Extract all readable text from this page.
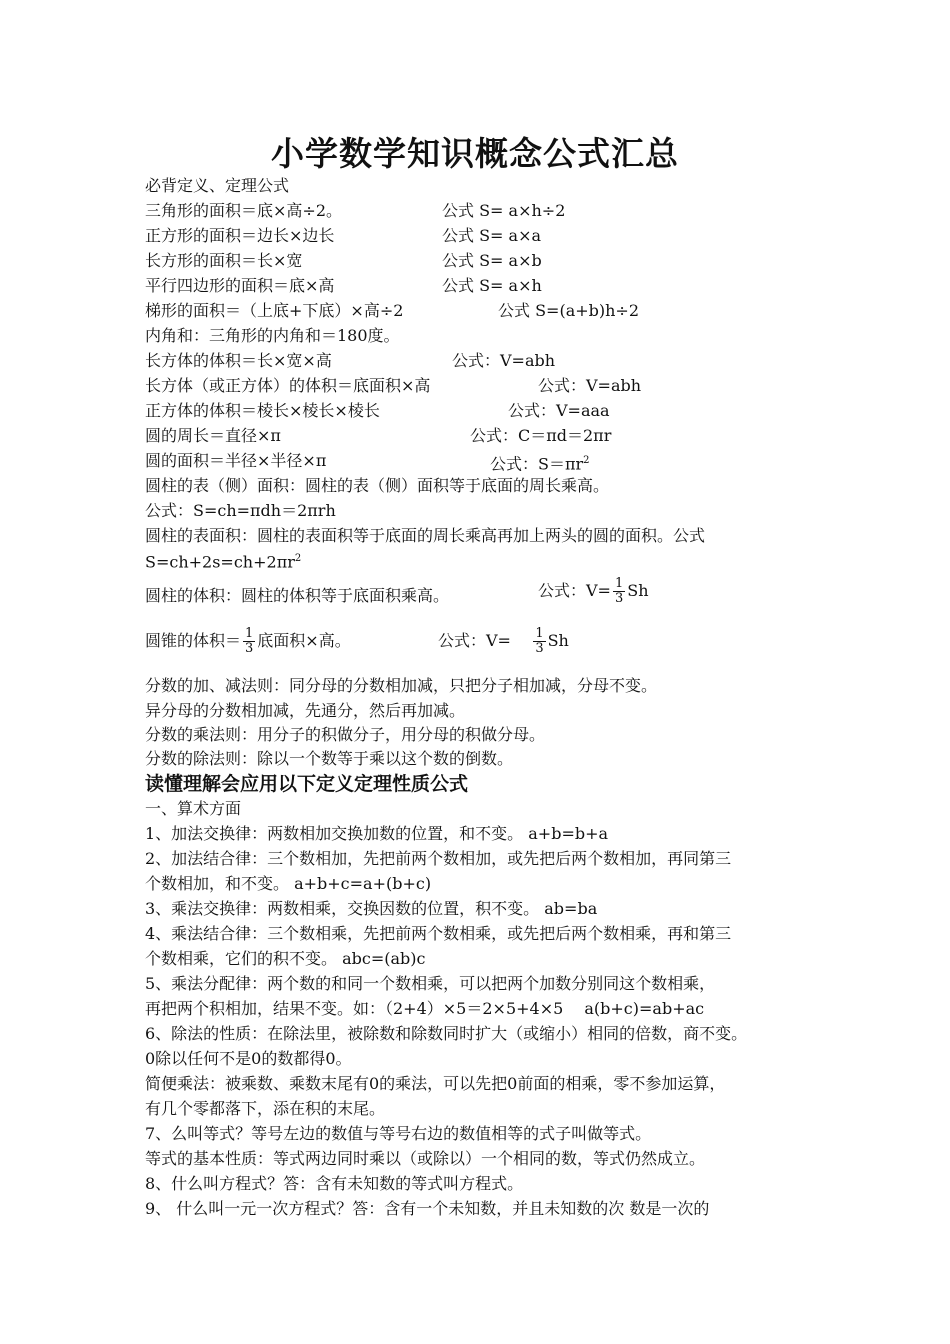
小学数学知识概念公式汇总
必背定义、定理公式
三角形的面积＝底×高÷2。	公式 S= a×h÷2
正方形的面积＝边长×边长	公式 S= a×a
长方形的面积＝长×宽	公式 S= a×b
平行四边形的面积＝底×高	公式 S= a×h
梯形的面积＝（上底+下底）×高÷2	公式 S=(a+b)h÷2
内角和：三角形的内角和＝180度。
长方体的体积＝长×宽×高	公式：V=abh
长方体（或正方体）的体积＝底面积×高	公式：V=abh
正方体的体积＝棱长×棱长×棱长	公式：V=aaa
圆的周长＝直径×π	公式：C＝πd＝2πr
圆的面积＝半径×半径×π	公式：$S=\pi r^2$
圆柱的表（侧）面积：圆柱的表（侧）面积等于底面的周长乘高。
公式：S=ch=πdh＝2πrh
圆柱的表面积：圆柱的表面积等于底面的周长乘高再加上两头的圆的面积。公式
$S=ch+2s=ch+2\pi r^2$
圆柱的体积：圆柱的体积等于底面积乘高。	公式：$V= \frac{1}{3}$ Sh
圆锥的体积＝ $\frac{1}{3}$ 底面积×高。	公式：$V= \frac{1}{3}$ Sh
分数的加、减法则：同分母的分数相加减，只把分子相加减，分母不变。
异分母的分数相加减，先通分，然后再加减。
分数的乘法则：用分子的积做分子，用分母的积做分母。
分数的除法则：除以一个数等于乘以这个数的倒数。
读懂理解会应用以下定义定理性质公式
一、算术方面
1、加法交换律：两数相加交换加数的位置，和不变。 a+b=b+a
2、加法结合律：三个数相加，先把前两个数相加，或先把后两个数相加，再同第三
个数相加，和不变。 a+b+c=a+(b+c)
3、乘法交换律：两数相乘，交换因数的位置，积不变。 ab=ba
4、乘法结合律：三个数相乘，先把前两个数相乘，或先把后两个数相乘，再和第三
个数相乘，它们的积不变。 abc=(ab)c
5、乘法分配律：两个数的和同一个数相乘，可以把两个加数分别同这个数相乘，
再把两个积相加，结果不变。如：（2+4）×5＝2×5+4×5　 a(b+c)=ab+ac
6、除法的性质：在除法里，被除数和除数同时扩大（或缩小）相同的倍数，商不变。
0除以任何不是0的数都得0。
简便乘法：被乘数、乘数末尾有0的乘法，可以先把0前面的相乘，零不参加运算，
有几个零都落下，添在积的末尾。
7、么叫等式？等号左边的数值与等号右边的数值相等的式子叫做等式。
等式的基本性质：等式两边同时乘以（或除以）一个相同的数，等式仍然成立。
8、什么叫方程式？答：含有未知数的等式叫方程式。
9、 什么叫一元一次方程式？答：含有一个未知数，并且未知数的次 数是一次的
